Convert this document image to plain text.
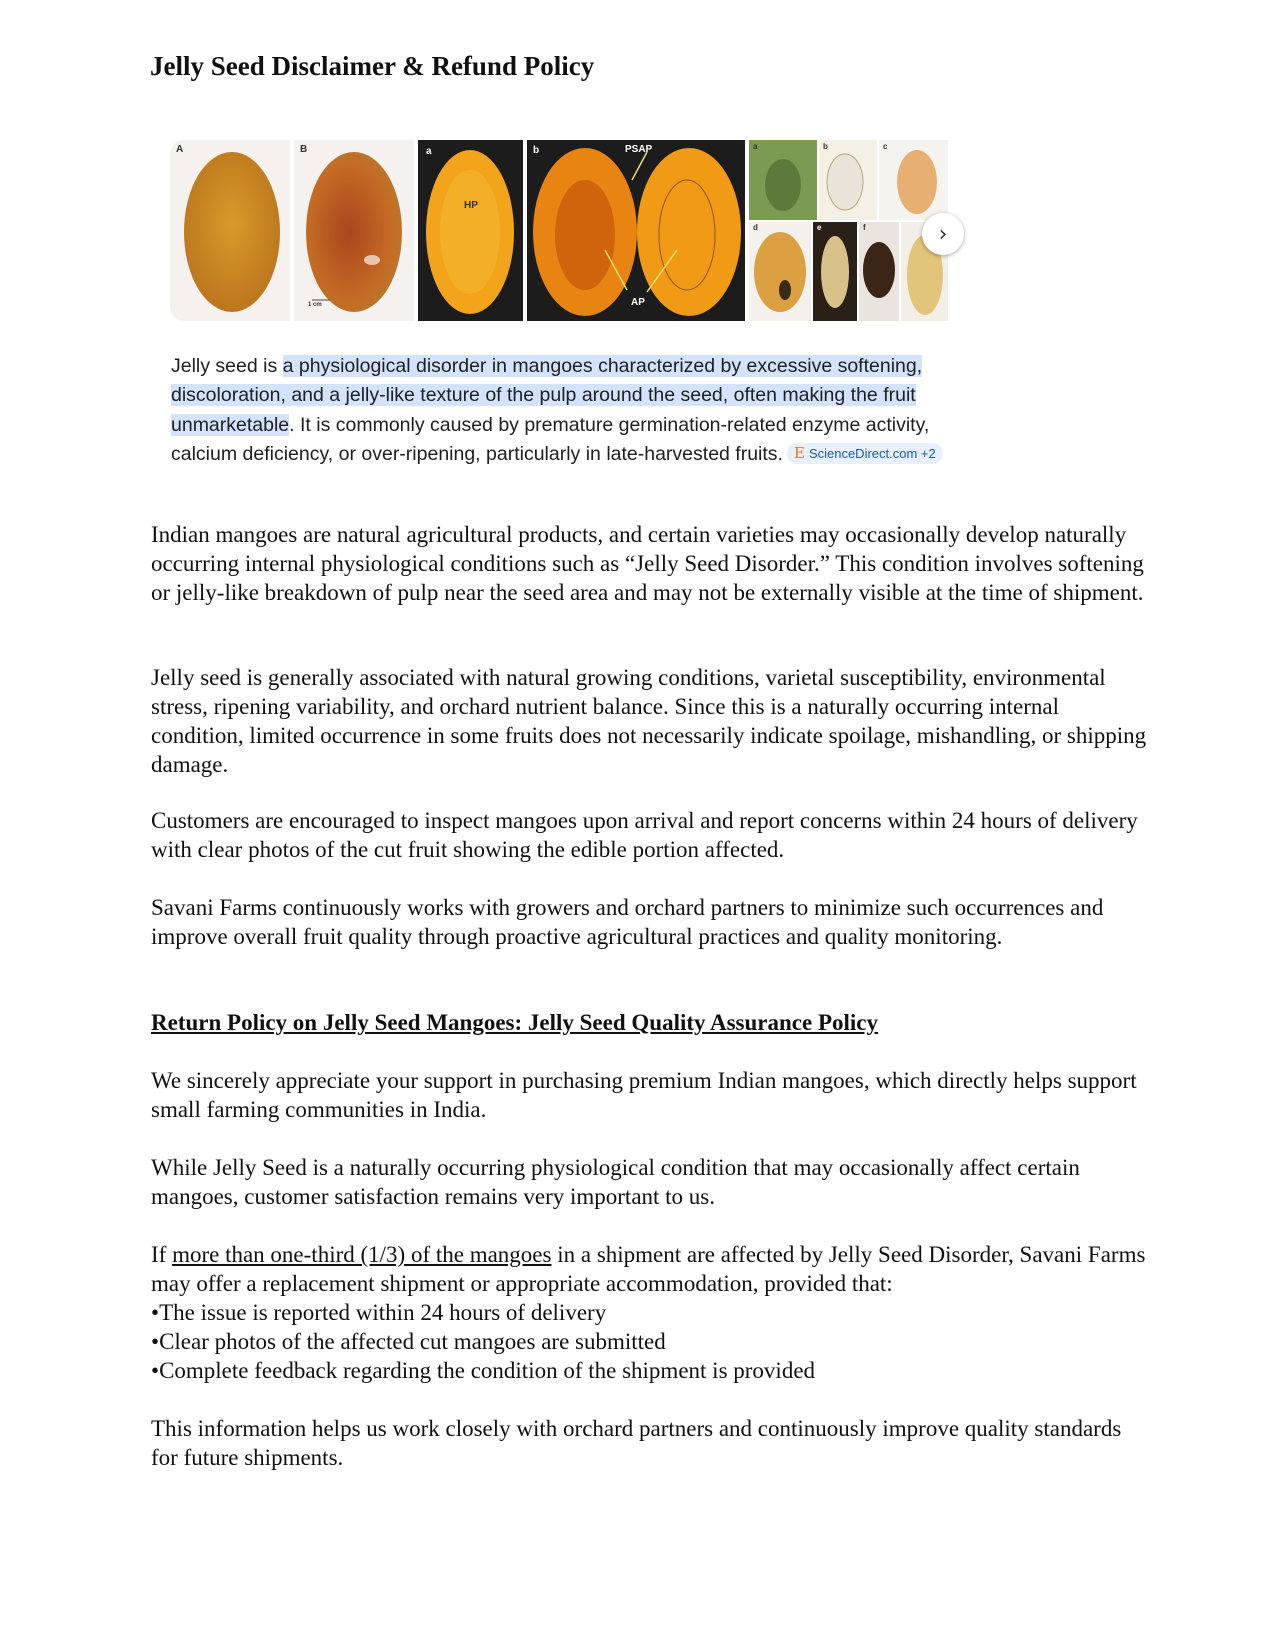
Jelly Seed Disclaimer & Refund Policy
A	B
1 cm
a
HP
b	PSAP
AP
a	b	c
d	e	f	›
Jelly seed is a physiological disorder in mangoes characterized by excessive softening, discoloration, and a jelly-like texture of the pulp around the seed, often making the fruit unmarketable. It is commonly caused by premature germination-related enzyme activity, calcium deficiency, or over-ripening, particularly in late-harvested fruits. E ScienceDirect.com +2

Indian mangoes are natural agricultural products, and certain varieties may occasionally develop naturally occurring internal physiological conditions such as “Jelly Seed Disorder.” This condition involves softening or jelly-like breakdown of pulp near the seed area and may not be externally visible at the time of shipment.

Jelly seed is generally associated with natural growing conditions, varietal susceptibility, environmental stress, ripening variability, and orchard nutrient balance. Since this is a naturally occurring internal condition, limited occurrence in some fruits does not necessarily indicate spoilage, mishandling, or shipping damage.

Customers are encouraged to inspect mangoes upon arrival and report concerns within 24 hours of delivery with clear photos of the cut fruit showing the edible portion affected.

Savani Farms continuously works with growers and orchard partners to minimize such occurrences and improve overall fruit quality through proactive agricultural practices and quality monitoring.

Return Policy on Jelly Seed Mangoes: Jelly Seed Quality Assurance Policy

We sincerely appreciate your support in purchasing premium Indian mangoes, which directly helps support small farming communities in India.

While Jelly Seed is a naturally occurring physiological condition that may occasionally affect certain mangoes, customer satisfaction remains very important to us.

If more than one-third (1/3) of the mangoes in a shipment are affected by Jelly Seed Disorder, Savani Farms may offer a replacement shipment or appropriate accommodation, provided that:
• The issue is reported within 24 hours of delivery
• Clear photos of the affected cut mangoes are submitted
• Complete feedback regarding the condition of the shipment is provided

This information helps us work closely with orchard partners and continuously improve quality standards for future shipments.
